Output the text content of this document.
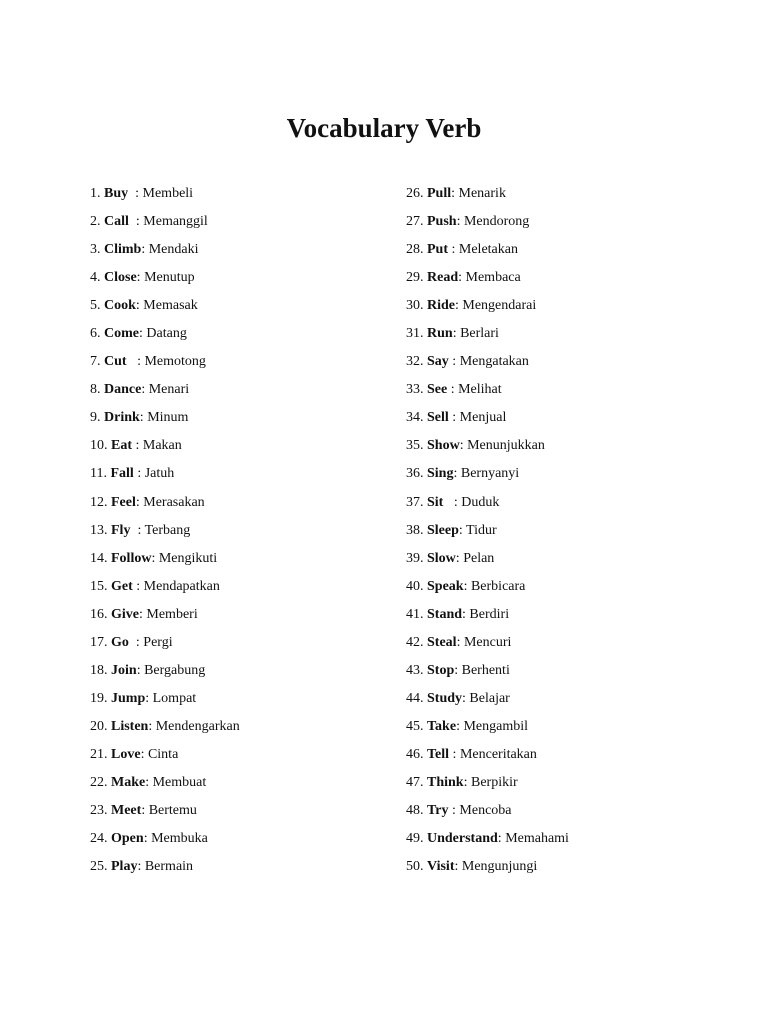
Vocabulary Verb
1. Buy  : Membeli
2. Call  : Memanggil
3. Climb: Mendaki
4. Close: Menutup
5. Cook: Memasak
6. Come: Datang
7. Cut   : Memotong
8. Dance: Menari
9. Drink: Minum
10. Eat : Makan
11. Fall : Jatuh
12. Feel: Merasakan
13. Fly  : Terbang
14. Follow: Mengikuti
15. Get : Mendapatkan
16. Give: Memberi
17. Go  : Pergi
18. Join: Bergabung
19. Jump: Lompat
20. Listen: Mendengarkan
21. Love: Cinta
22. Make: Membuat
23. Meet: Bertemu
24. Open: Membuka
25. Play: Bermain
26. Pull: Menarik
27. Push: Mendorong
28. Put : Meletakan
29. Read: Membaca
30. Ride: Mengendarai
31. Run: Berlari
32. Say : Mengatakan
33. See : Melihat
34. Sell : Menjual
35. Show: Menunjukkan
36. Sing: Bernyanyi
37. Sit   : Duduk
38. Sleep: Tidur
39. Slow: Pelan
40. Speak: Berbicara
41. Stand: Berdiri
42. Steal: Mencuri
43. Stop: Berhenti
44. Study: Belajar
45. Take: Mengambil
46. Tell : Menceritakan
47. Think: Berpikir
48. Try : Mencoba
49. Understand: Memahami
50. Visit: Mengunjungi
